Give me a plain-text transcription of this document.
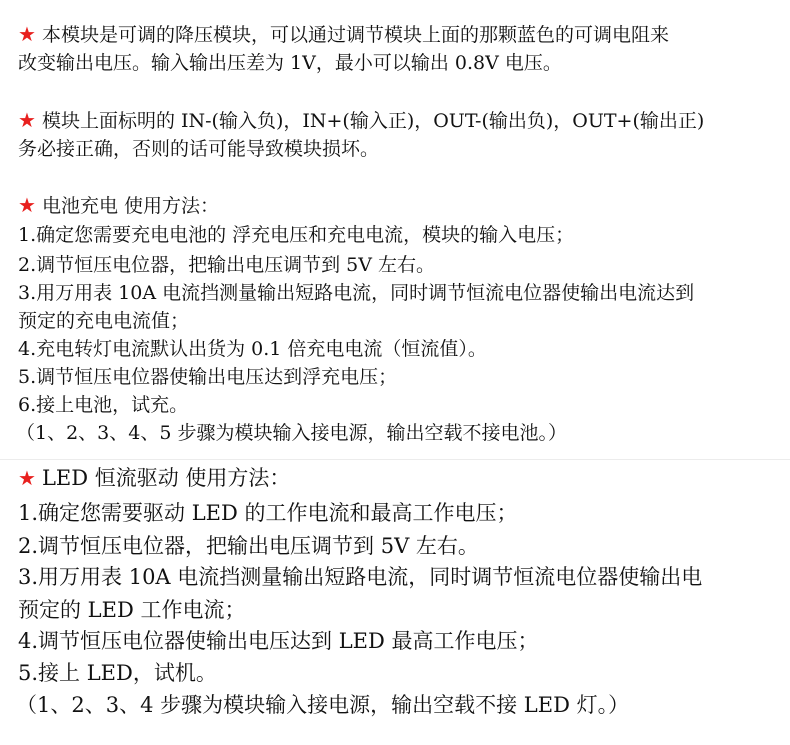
★ 本模块是可调的降压模块，可以通过调节模块上面的那颗蓝色的可调电阻来
改变输出电压。输入输出压差为 1V，最小可以输出 0.8V 电压。
★ 模块上面标明的 IN-(输入负)，IN+(输入正)，OUT-(输出负)，OUT+(输出正)
务必接正确，否则的话可能导致模块损坏。
★ 电池充电 使用方法：
1.确定您需要充电电池的 浮充电压和充电电流，模块的输入电压；
2.调节恒压电位器，把输出电压调节到 5V 左右。
3.用万用表 10A 电流挡测量输出短路电流，同时调节恒流电位器使输出电流达到
预定的充电电流值；
4.充电转灯电流默认出货为 0.1 倍充电电流（恒流值）。
5.调节恒压电位器使输出电压达到浮充电压；
6.接上电池，试充。
（1、2、3、4、5 步骤为模块输入接电源，输出空载不接电池。）
★ LED 恒流驱动 使用方法：
1.确定您需要驱动 LED 的工作电流和最高工作电压；
2.调节恒压电位器，把输出电压调节到 5V 左右。
3.用万用表 10A 电流挡测量输出短路电流，同时调节恒流电位器使输出电
预定的 LED 工作电流；
4.调节恒压电位器使输出电压达到 LED 最高工作电压；
5.接上 LED，试机。
（1、2、3、4 步骤为模块输入接电源，输出空载不接 LED 灯。）
